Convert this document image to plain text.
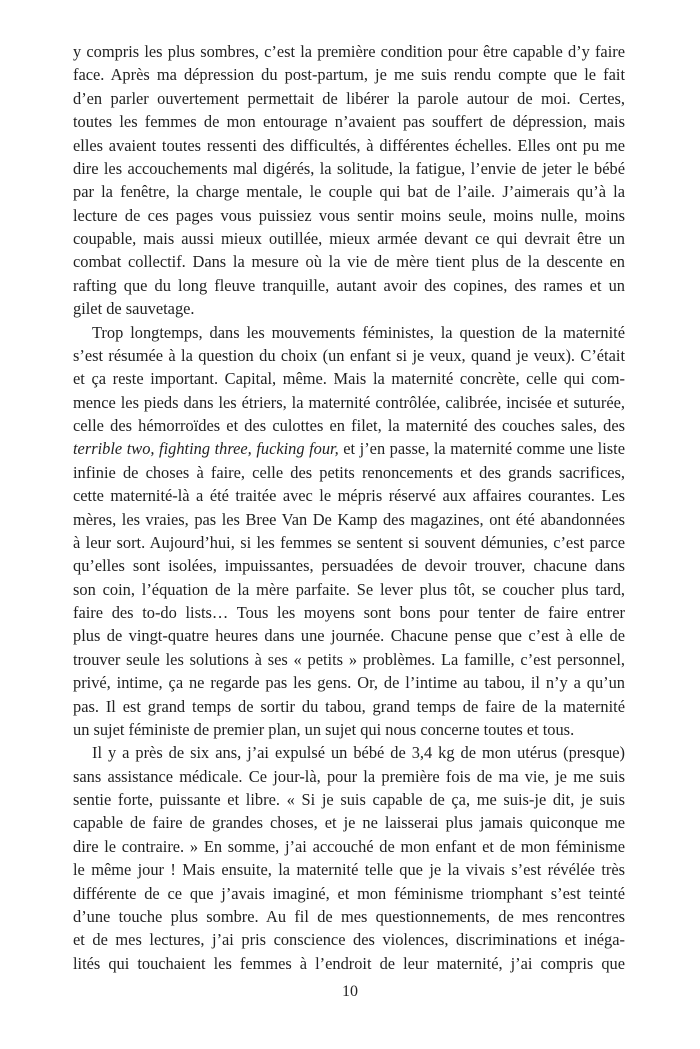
y compris les plus sombres, c’est la première condition pour être capable d’y faire
face. Après ma dépression du post-partum, je me suis rendu compte que le fait
d’en parler ouvertement permettait de libérer la parole autour de moi. Certes,
toutes les femmes de mon entourage n’avaient pas souffert de dépression, mais
elles avaient toutes ressenti des difficultés, à différentes échelles. Elles ont pu me
dire les accouchements mal digérés, la solitude, la fatigue, l’envie de jeter le bébé
par la fenêtre, la charge mentale, le couple qui bat de l’aile. J’aimerais qu’à la
lecture de ces pages vous puissiez vous sentir moins seule, moins nulle, moins
coupable, mais aussi mieux outillée, mieux armée devant ce qui devrait être un
combat collectif. Dans la mesure où la vie de mère tient plus de la descente en
rafting que du long fleuve tranquille, autant avoir des copines, des rames et un
gilet de sauvetage.
Trop longtemps, dans les mouvements féministes, la question de la maternité
s’est résumée à la question du choix (un enfant si je veux, quand je veux). C’était
et ça reste important. Capital, même. Mais la maternité concrète, celle qui com-
mence les pieds dans les étriers, la maternité contrôlée, calibrée, incisée et suturée,
celle des hémorroïdes et des culottes en filet, la maternité des couches sales, des
terrible two, fighting three, fucking four, et j’en passe, la maternité comme une liste
infinie de choses à faire, celle des petits renoncements et des grands sacrifices,
cette maternité-là a été traitée avec le mépris réservé aux affaires courantes. Les
mères, les vraies, pas les Bree Van De Kamp des magazines, ont été abandonnées
à leur sort. Aujourd’hui, si les femmes se sentent si souvent démunies, c’est parce
qu’elles sont isolées, impuissantes, persuadées de devoir trouver, chacune dans
son coin, l’équation de la mère parfaite. Se lever plus tôt, se coucher plus tard,
faire des to-do lists… Tous les moyens sont bons pour tenter de faire entrer
plus de vingt-quatre heures dans une journée. Chacune pense que c’est à elle de
trouver seule les solutions à ses « petits » problèmes. La famille, c’est personnel,
privé, intime, ça ne regarde pas les gens. Or, de l’intime au tabou, il n’y a qu’un
pas. Il est grand temps de sortir du tabou, grand temps de faire de la maternité
un sujet féministe de premier plan, un sujet qui nous concerne toutes et tous.
Il y a près de six ans, j’ai expulsé un bébé de 3,4 kg de mon utérus (presque)
sans assistance médicale. Ce jour-là, pour la première fois de ma vie, je me suis
sentie forte, puissante et libre. « Si je suis capable de ça, me suis-je dit, je suis
capable de faire de grandes choses, et je ne laisserai plus jamais quiconque me
dire le contraire. » En somme, j’ai accouché de mon enfant et de mon féminisme
le même jour ! Mais ensuite, la maternité telle que je la vivais s’est révélée très
différente de ce que j’avais imaginé, et mon féminisme triomphant s’est teinté
d’une touche plus sombre. Au fil de mes questionnements, de mes rencontres
et de mes lectures, j’ai pris conscience des violences, discriminations et inéga-
lités qui touchaient les femmes à l’endroit de leur maternité, j’ai compris que
10
